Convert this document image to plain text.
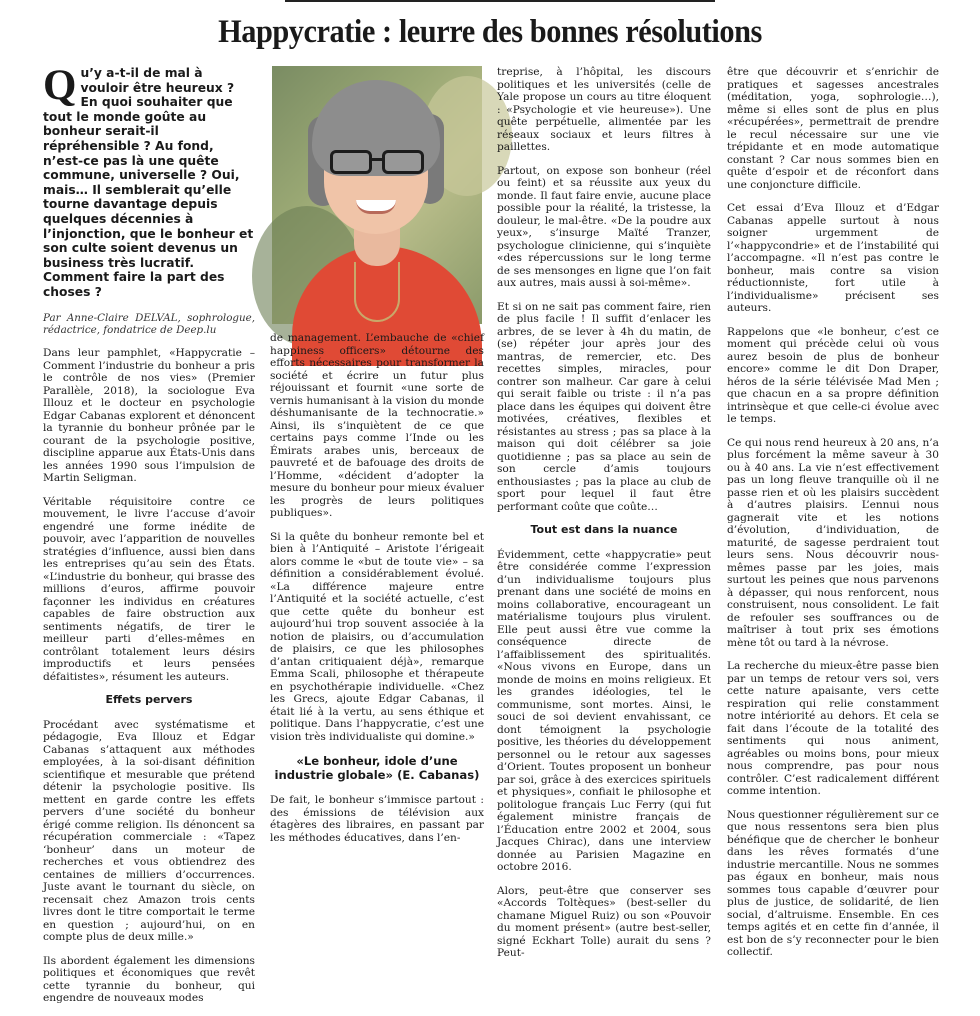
Happycratie : leurre des bonnes résolutions
Qu’y a-t-il de mal à vouloir être heureux ? En quoi souhaiter que tout le monde goûte au bonheur serait-il répréhensible ? Au fond, n’est-ce pas là une quête commune, universelle ? Oui, mais… Il semblerait qu’elle tourne davantage depuis quelques décennies à l’injonction, que le bonheur et son culte soient devenus un business très lucratif. Comment faire la part des choses ?

Par Anne-Claire DELVAL, sophrologue, rédactrice, fondatrice de Deep.lu

Dans leur pamphlet, «Happycratie –Comment l’industrie du bonheur a pris le contrôle de nos vies» (Premier Parallèle, 2018), la sociologue Eva Illouz et le docteur en psychologie Edgar Cabanas explorent et dénoncent la tyrannie du bonheur prônée par le courant de la psychologie positive, discipline apparue aux États-Unis dans les années 1990 sous l’impulsion de Martin Seligman.

Véritable réquisitoire contre ce mouvement, le livre l’accuse d’avoir engendré une forme inédite de pouvoir, avec l’apparition de nouvelles stratégies d’influence, aussi bien dans les entreprises qu’au sein des États. «L’industrie du bonheur, qui brasse des millions d’euros, affirme pouvoir façonner les individus en créatures capables de faire obstruction aux sentiments négatifs, de tirer le meilleur parti d’elles-mêmes en contrôlant totalement leurs désirs improductifs et leurs pensées défaitistes», résument les auteurs.

Effets pervers

Procédant avec systématisme et pédagogie, Eva Illouz et Edgar Cabanas s’attaquent aux méthodes employées, à la soi-disant définition scientifique et mesurable que prétend détenir la psychologie positive. Ils mettent en garde contre les effets pervers d’une société du bonheur érigé comme religion. Ils dénoncent sa récupération commerciale : «Tapez ‘bonheur’ dans un moteur de recherches et vous obtiendrez des centaines de milliers d’occurrences. Juste avant le tournant du siècle, on recensait chez Amazon trois cents livres dont le titre comportait le terme en question ; aujourd’hui, on en compte plus de deux mille.»

Ils abordent également les dimensions politiques et économiques que revêt cette tyrannie du bonheur, qui engendre de nouveaux modes

de management. L’embauche de «chief happiness officers» détourne des efforts nécessaires pour transformer la société et écrire un futur plus réjouissant et fournit «une sorte de vernis humanisant à la vision du monde déshumanisante de la technocratie.» Ainsi, ils s’inquiètent de ce que certains pays comme l’Inde ou les Émirats arabes unis, berceaux de pauvreté et de bafouage des droits de l’Homme, «décident d’adopter la mesure du bonheur pour mieux évaluer les progrès de leurs politiques publiques».

Si la quête du bonheur remonte bel et bien à l’Antiquité – Aristote l’érigeait alors comme le «but de toute vie» – sa définition a considérablement évolué. «La différence majeure entre l’Antiquité et la société actuelle, c’est que cette quête du bonheur est aujourd’hui trop souvent associée à la notion de plaisirs, ou d’accumulation de plaisirs, ce que les philosophes d’antan critiquaient déjà», remarque Emma Scali, philosophe et thérapeute en psychothérapie individuelle. «Chez les Grecs, ajoute Edgar Cabanas, il était lié à la vertu, au sens éthique et politique. Dans l’happycratie, c’est une vision très individualiste qui domine.»

«Le bonheur, idole d’une industrie globale» (E. Cabanas)

De fait, le bonheur s’immisce partout : des émissions de télévision aux étagères des libraires, en passant par les méthodes éducatives, dans l’en-

treprise, à l’hôpital, les discours politiques et les universités (celle de Yale propose un cours au titre éloquent : «Psychologie et vie heureuse»). Une quête perpétuelle, alimentée par les réseaux sociaux et leurs filtres à paillettes.

Partout, on expose son bonheur (réel ou feint) et sa réussite aux yeux du monde. Il faut faire envie, aucune place possible pour la réalité, la tristesse, la douleur, le mal-être. «De la poudre aux yeux», s’insurge Maïté Tranzer, psychologue clinicienne, qui s’inquiète «des répercussions sur le long terme de ses mensonges en ligne que l’on fait aux autres, mais aussi à soi-même».

Et si on ne sait pas comment faire, rien de plus facile ! Il suffit d’enlacer les arbres, de se lever à 4h du matin, de (se) répéter jour après jour des mantras, de remercier, etc. Des recettes simples, miracles, pour contrer son malheur. Car gare à celui qui serait faible ou triste : il n’a pas place dans les équipes qui doivent être motivées, créatives, flexibles et résistantes au stress ; pas sa place à la maison qui doit célébrer sa joie quotidienne ; pas sa place au sein de son cercle d’amis toujours enthousiastes ; pas la place au club de sport pour lequel il faut être performant coûte que coûte…

Tout est dans la nuance

Évidemment, cette «happycratie» peut être considérée comme l’expression d’un individualisme toujours plus prenant dans une société de moins en moins collaborative, encourageant un matérialisme toujours plus virulent. Elle peut aussi être vue comme la conséquence directe de l’affaiblissement des spiritualités. «Nous vivons en Europe, dans un monde de moins en moins religieux. Et les grandes idéologies, tel le communisme, sont mortes. Ainsi, le souci de soi devient envahissant, ce dont témoignent la psychologie positive, les théories du développement personnel ou le retour aux sagesses d’Orient. Toutes proposent un bonheur par soi, grâce à des exercices spirituels et physiques», confiait le philosophe et politologue français Luc Ferry (qui fut également ministre français de l’Éducation entre 2002 et 2004, sous Jacques Chirac), dans une interview donnée au Parisien Magazine en octobre 2016.

Alors, peut-être que conserver ses «Accords Toltèques» (best-seller du chamane Miguel Ruiz) ou son «Pouvoir du moment présent» (autre best-seller, signé Eckhart Tolle) aurait du sens ? Peut-

être que découvrir et s’enrichir de pratiques et sagesses ancestrales (méditation, yoga, sophrologie…), même si elles sont de plus en plus «récupérées», permettrait de prendre le recul nécessaire sur une vie trépidante et en mode automatique constant ? Car nous sommes bien en quête d’espoir et de réconfort dans une conjoncture difficile.

Cet essai d’Eva Illouz et d’Edgar Cabanas appelle surtout à nous soigner urgemment de l’«happycondrie» et de l’instabilité qui l’accompagne. «Il n’est pas contre le bonheur, mais contre sa vision réductionniste, fort utile à l’individualisme» précisent ses auteurs.

Rappelons que «le bonheur, c’est ce moment qui précède celui où vous aurez besoin de plus de bonheur encore» comme le dit Don Draper, héros de la série télévisée Mad Men ; que chacun en a sa propre définition intrinsèque et que celle-ci évolue avec le temps.

Ce qui nous rend heureux à 20 ans, n’a plus forcément la même saveur à 30 ou à 40 ans. La vie n’est effectivement pas un long fleuve tranquille où il ne passe rien et où les plaisirs succèdent à d’autres plaisirs. L’ennui nous gagnerait vite et les notions d’évolution, d’individuation, de maturité, de sagesse perdraient tout leurs sens. Nous découvrir nous-mêmes passe par les joies, mais surtout les peines que nous parvenons à dépasser, qui nous renforcent, nous construisent, nous consolident. Le fait de refouler ses souffrances ou de maîtriser à tout prix ses émotions mène tôt ou tard à la névrose.

La recherche du mieux-être passe bien par un temps de retour vers soi, vers cette nature apaisante, vers cette respiration qui relie constamment notre intériorité au dehors. Et cela se fait dans l’écoute de la totalité des sentiments qui nous animent, agréables ou moins bons, pour mieux nous comprendre, pas pour nous contrôler. C’est radicalement différent comme intention.

Nous questionner régulièrement sur ce que nous ressentons sera bien plus bénéfique que de chercher le bonheur dans les rêves formatés d’une industrie mercantille. Nous ne sommes pas égaux en bonheur, mais nous sommes tous capable d’œuvrer pour plus de justice, de solidarité, de lien social, d’altruisme. Ensemble. En ces temps agités et en cette fin d’année, il est bon de s’y reconnecter pour le bien collectif.
